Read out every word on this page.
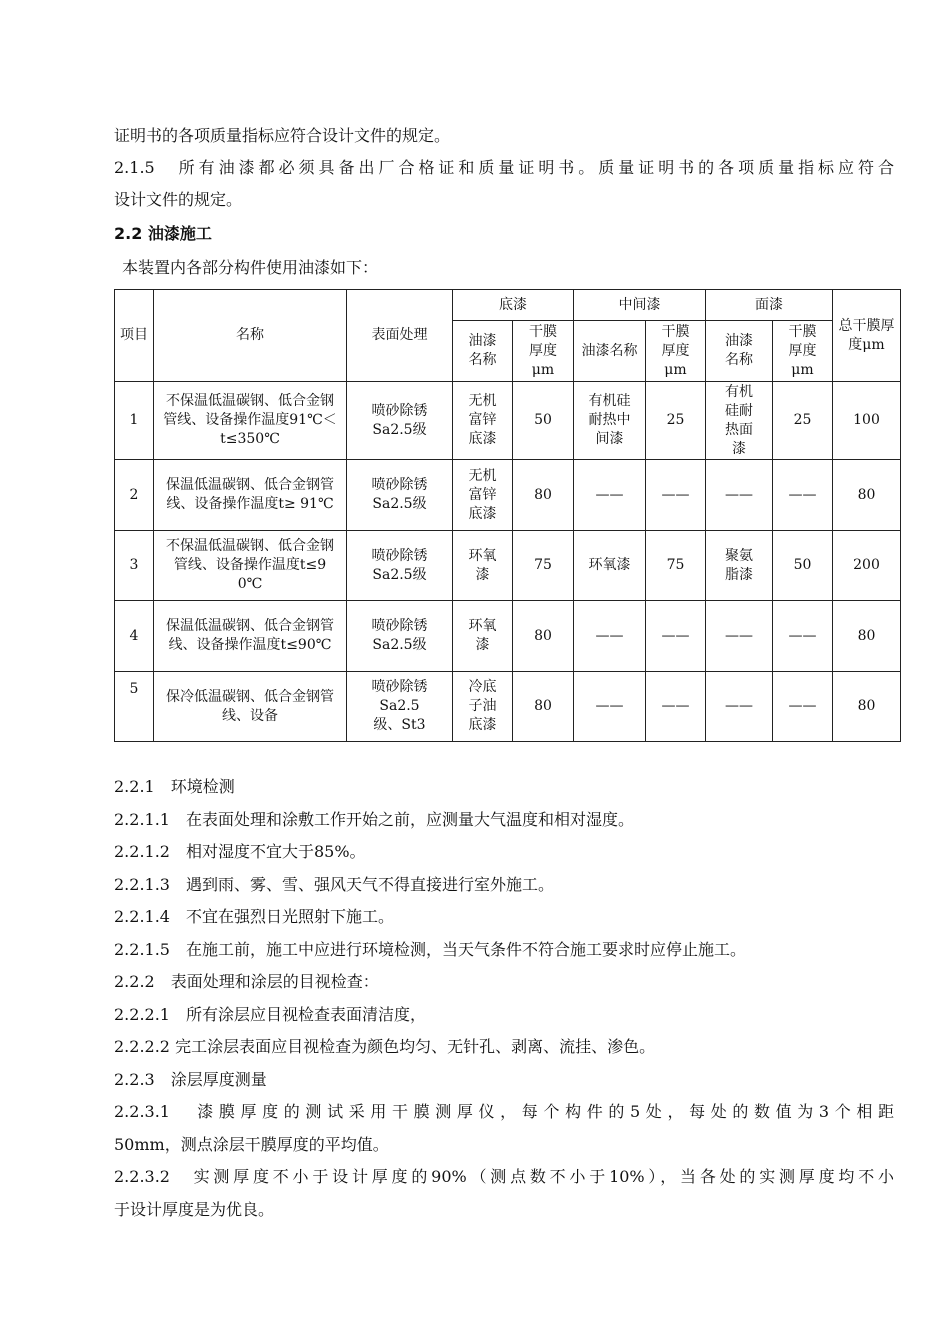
证明书的各项质量指标应符合设计文件的规定。
2.1.5　所有油漆都必须具备出厂合格证和质量证明书。质量证明书的各项质量指标应符合
设计文件的规定。
2.2 油漆施工
本装置内各部分构件使用油漆如下：
项目	名称	表面处理	底漆		中间漆		面漆		总干膜厚度μm

			油漆名称	干膜厚度μm	油漆名称	干膜厚度μm	油漆名称	干膜厚度μm	

1	不保温低温碳钢、低合金钢管线、设备操作温度91℃＜t≤350℃	喷砂除锈Sa2.5级	无机富锌底漆	50	有机硅耐热中间漆	25	有机硅耐热面漆	25	100
2	保温低温碳钢、低合金钢管线、设备操作温度t≥ 91℃	喷砂除锈Sa2.5级	无机富锌底漆	80	——	——	——	——	80
3	不保温低温碳钢、低合金钢管线、设备操作温度t≤90℃	喷砂除锈Sa2.5级	环氧漆	75	环氧漆	75	聚氨脂漆	50	200
4	保温低温碳钢、低合金钢管线、设备操作温度t≤90℃	喷砂除锈Sa2.5级	环氧漆	80	——	——	——	——	80
5	保冷低温碳钢、低合金钢管线、设备	喷砂除锈Sa2.5级、St3	冷底子油底漆	80	——	——	——	——	80
2.2.1　环境检测
2.2.1.1　在表面处理和涂敷工作开始之前，应测量大气温度和相对湿度。
2.2.1.2　相对湿度不宜大于85%。
2.2.1.3　遇到雨、雾、雪、强风天气不得直接进行室外施工。
2.2.1.4　不宜在强烈日光照射下施工。
2.2.1.5　在施工前，施工中应进行环境检测，当天气条件不符合施工要求时应停止施工。
2.2.2　表面处理和涂层的目视检查：
2.2.2.1　所有涂层应目视检查表面清洁度，
2.2.2.2 完工涂层表面应目视检查为颜色均匀、无针孔、剥离、流挂、渗色。
2.2.3　涂层厚度测量
2.2.3.1　漆膜厚度的测试采用干膜测厚仪，每个构件的5处，每处的数值为3个相距
50mm，测点涂层干膜厚度的平均值。
2.2.3.2　实测厚度不小于设计厚度的90%（测点数不小于10%），当各处的实测厚度均不小
于设计厚度是为优良。
